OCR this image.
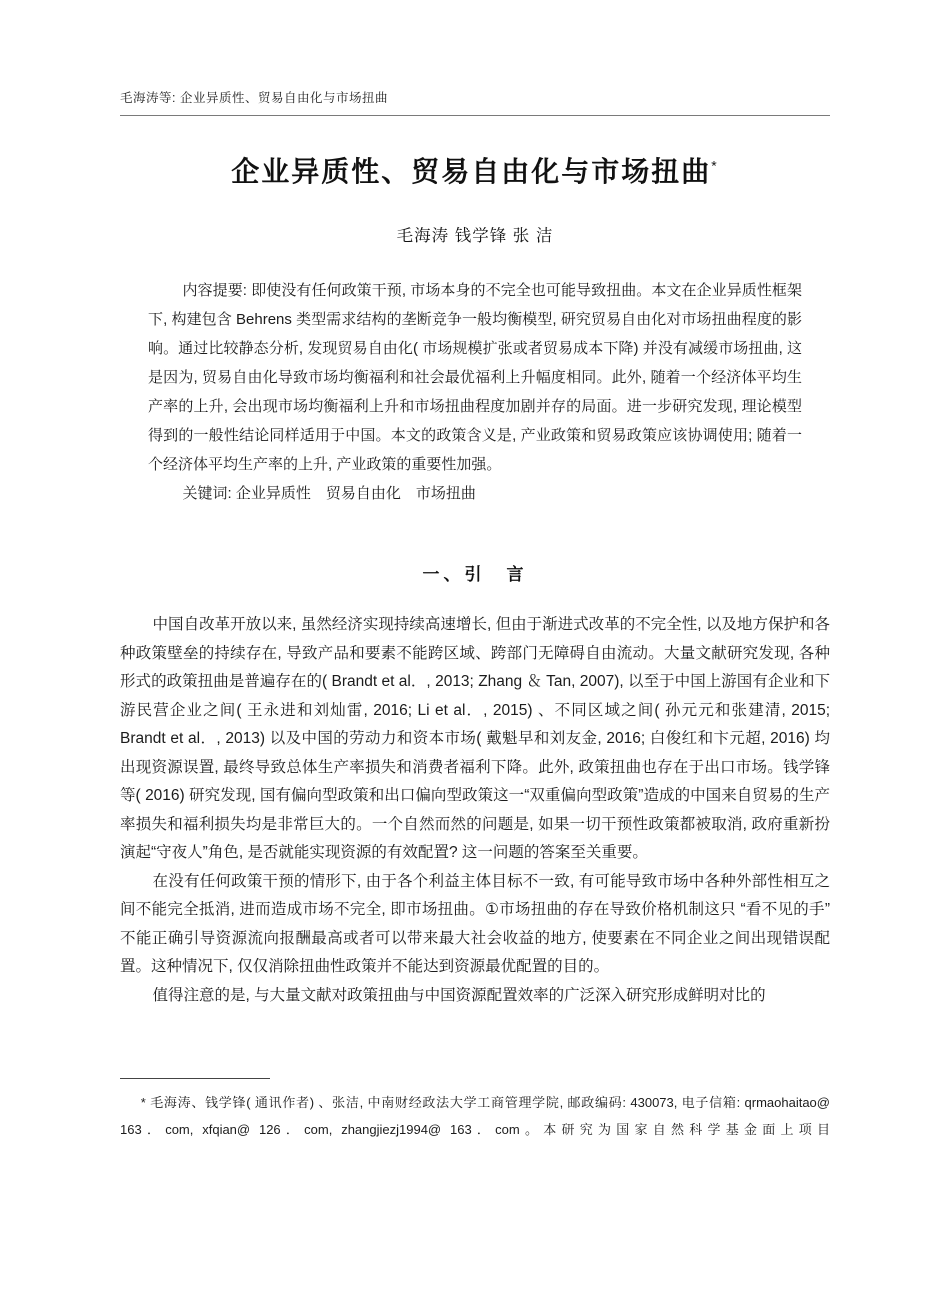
毛海涛等: 企业异质性、贸易自由化与市场扭曲
企业异质性、贸易自由化与市场扭曲*
毛海涛 钱学锋 张 洁

内容提要: 即使没有任何政策干预, 市场本身的不完全也可能导致扭曲。本文在企业异质性框架下, 构建包含 Behrens 类型需求结构的垄断竞争一般均衡模型, 研究贸易自由化对市场扭曲程度的影响。通过比较静态分析, 发现贸易自由化( 市场规模扩张或者贸易成本下降) 并没有减缓市场扭曲, 这是因为, 贸易自由化导致市场均衡福利和社会最优福利上升幅度相同。此外, 随着一个经济体平均生产率的上升, 会出现市场均衡福利上升和市场扭曲程度加剧并存的局面。进一步研究发现, 理论模型得到的一般性结论同样适用于中国。本文的政策含义是, 产业政策和贸易政策应该协调使用; 随着一个经济体平均生产率的上升, 产业政策的重要性加强。

关键词: 企业异质性　贸易自由化　市场扭曲

一、引　言

中国自改革开放以来, 虽然经济实现持续高速增长, 但由于渐进式改革的不完全性, 以及地方保护和各种政策壁垒的持续存在, 导致产品和要素不能跨区域、跨部门无障碍自由流动。大量文献研究发现, 各种形式的政策扭曲是普遍存在的( Brandt et al．, 2013; Zhang ＆ Tan, 2007), 以至于中国上游国有企业和下游民营企业之间( 王永进和刘灿雷, 2016; Li et al．, 2015) 、不同区域之间( 孙元元和张建清, 2015; Brandt et al．, 2013) 以及中国的劳动力和资本市场( 戴魁早和刘友金, 2016; 白俊红和卞元超, 2016) 均出现资源误置, 最终导致总体生产率损失和消费者福利下降。此外, 政策扭曲也存在于出口市场。钱学锋等( 2016) 研究发现, 国有偏向型政策和出口偏向型政策这一“双重偏向型政策”造成的中国来自贸易的生产率损失和福利损失均是非常巨大的。一个自然而然的问题是, 如果一切干预性政策都被取消, 政府重新扮演起“守夜人”角色, 是否就能实现资源的有效配置? 这一问题的答案至关重要。

在没有任何政策干预的情形下, 由于各个利益主体目标不一致, 有可能导致市场中各种外部性相互之间不能完全抵消, 进而造成市场不完全, 即市场扭曲。①市场扭曲的存在导致价格机制这只 “看不见的手” 不能正确引导资源流向报酬最高或者可以带来最大社会收益的地方, 使要素在不同企业之间出现错误配置。这种情况下, 仅仅消除扭曲性政策并不能达到资源最优配置的目的。

值得注意的是, 与大量文献对政策扭曲与中国资源配置效率的广泛深入研究形成鲜明对比的

* 毛海涛、钱学锋( 通讯作者) 、张洁, 中南财经政法大学工商管理学院, 邮政编码: 430073, 电子信箱: qrmaohaitao@ 163．com, xfqian@ 126．com, zhangjiezj1994@ 163．com。本研究为国家自然科学基金面上项目
